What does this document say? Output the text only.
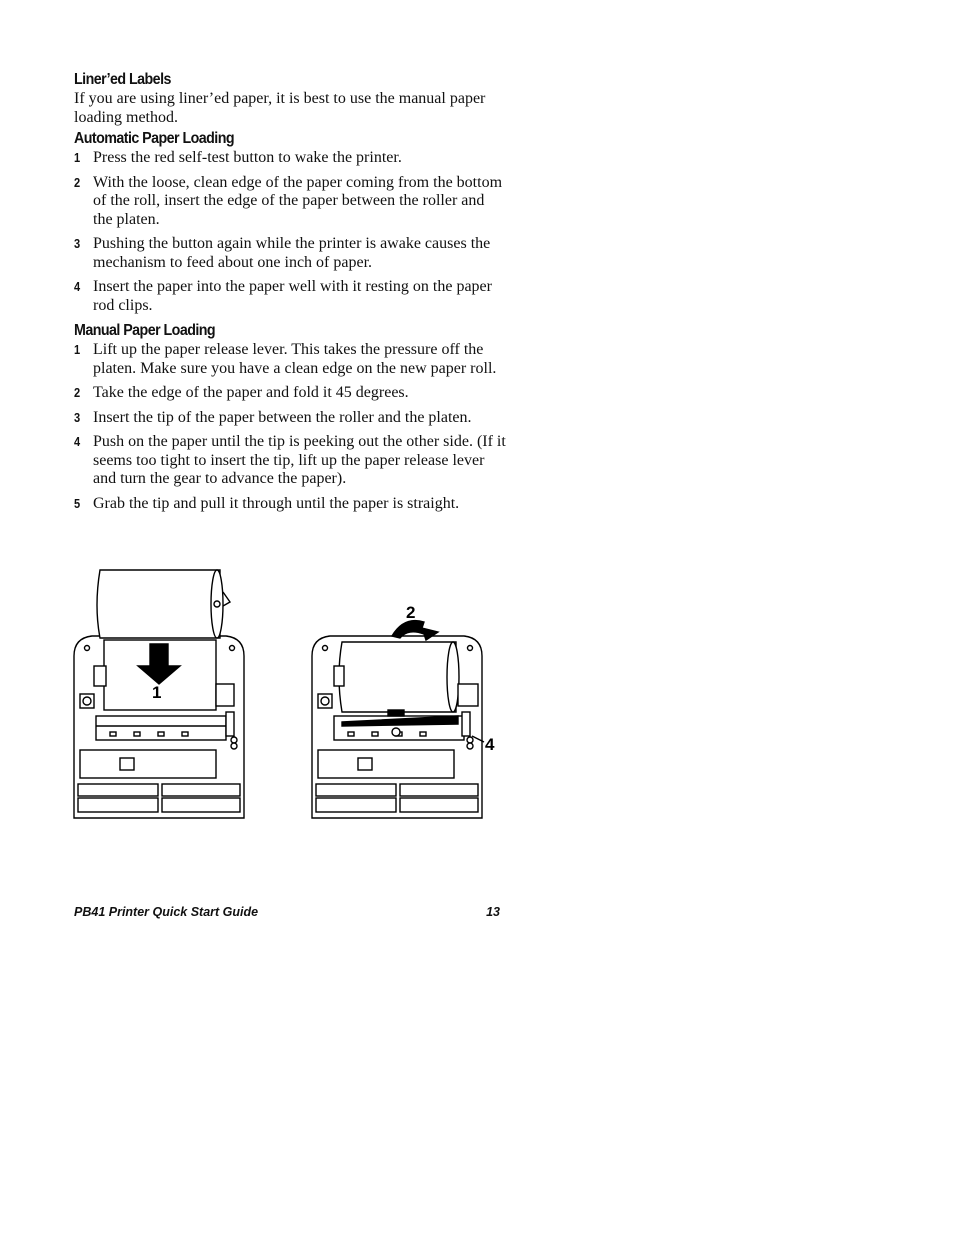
Liner’ed Labels

If you are using liner’ed paper, it is best to use the manual paper loading method.

Automatic Paper Loading
1 Press the red self-test button to wake the printer.
2 With the loose, clean edge of the paper coming from the bottom of the roll, insert the edge of the paper between the roller and the platen.
3 Pushing the button again while the printer is awake causes the mechanism to feed about one inch of paper.
4 Insert the paper into the paper well with it resting on the paper rod clips.
Manual Paper Loading
1 Lift up the paper release lever. This takes the pressure off the platen. Make sure you have a clean edge on the new paper roll.
2 Take the edge of the paper and fold it 45 degrees.
3 Insert the tip of the paper between the roller and the platen.
4 Push on the paper until the tip is peeking out the other side. (If it seems too tight to insert the tip, lift up the paper release lever and turn the gear to advance the paper).
5 Grab the tip and pull it through until the paper is straight.
1
2
4
PB41 Printer Quick Start Guide	13
